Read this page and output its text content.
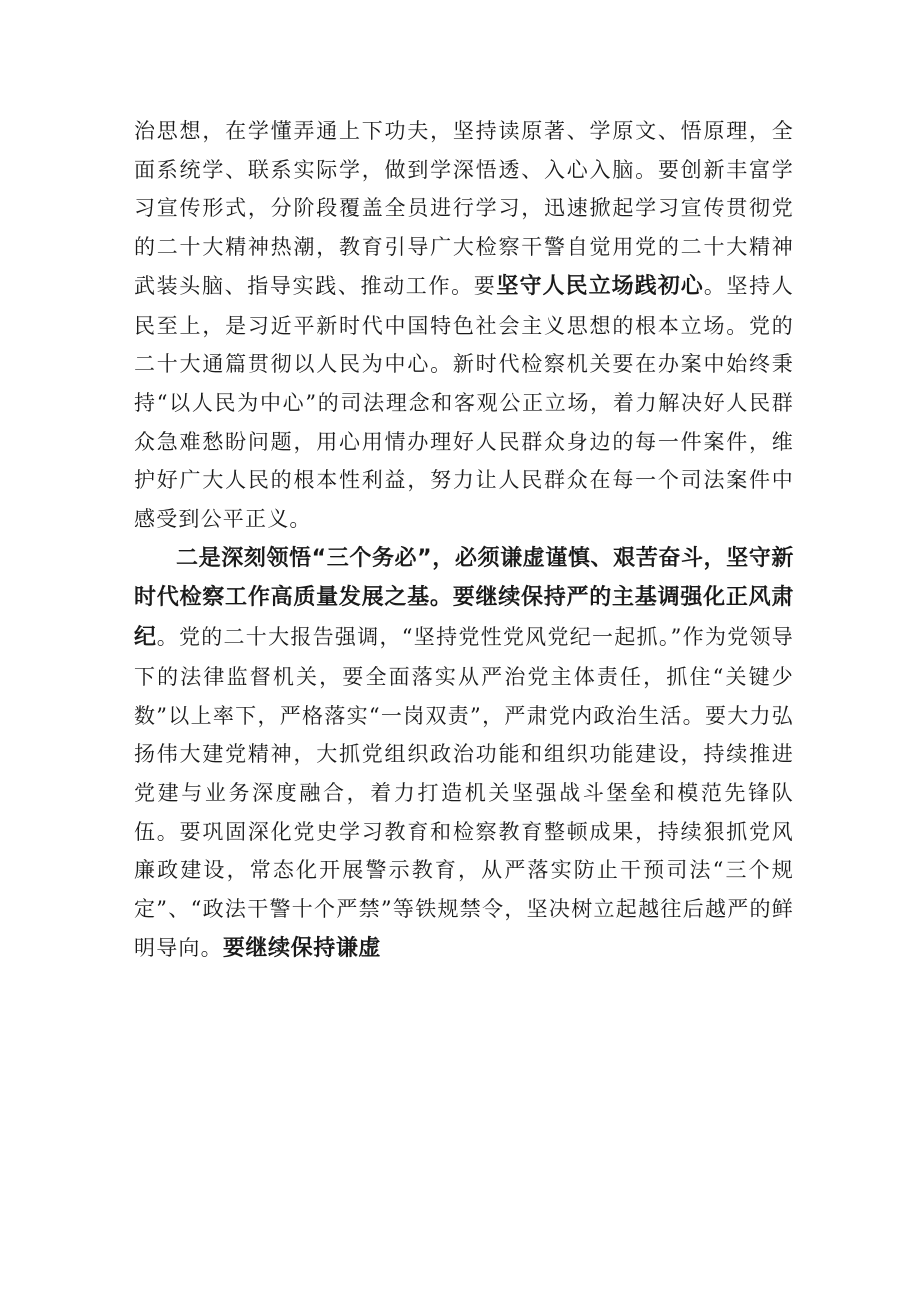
治思想，在学懂弄通上下功夫，坚持读原著、学原文、悟原理，全面系统学、联系实际学，做到学深悟透、入心入脑。要创新丰富学习宣传形式，分阶段覆盖全员进行学习，迅速掀起学习宣传贯彻党的二十大精神热潮，教育引导广大检察干警自觉用党的二十大精神武装头脑、指导实践、推动工作。要坚守人民立场践初心。坚持人民至上，是习近平新时代中国特色社会主义思想的根本立场。党的二十大通篇贯彻以人民为中心。新时代检察机关要在办案中始终秉持“以人民为中心”的司法理念和客观公正立场，着力解决好人民群众急难愁盼问题，用心用情办理好人民群众身边的每一件案件，维护好广大人民的根本性利益，努力让人民群众在每一个司法案件中感受到公平正义。

二是深刻领悟“三个务必”，必须谦虚谨慎、艰苦奋斗，坚守新时代检察工作高质量发展之基。要继续保持严的主基调强化正风肃纪。党的二十大报告强调，“坚持党性党风党纪一起抓。”作为党领导下的法律监督机关，要全面落实从严治党主体责任，抓住“关键少数”以上率下，严格落实“一岗双责”，严肃党内政治生活。要大力弘扬伟大建党精神，大抓党组织政治功能和组织功能建设，持续推进党建与业务深度融合，着力打造机关坚强战斗堡垒和模范先锋队伍。要巩固深化党史学习教育和检察教育整顿成果，持续狠抓党风廉政建设，常态化开展警示教育，从严落实防止干预司法“三个规定”、“政法干警十个严禁”等铁规禁令，坚决树立起越往后越严的鲜明导向。要继续保持谦虚
